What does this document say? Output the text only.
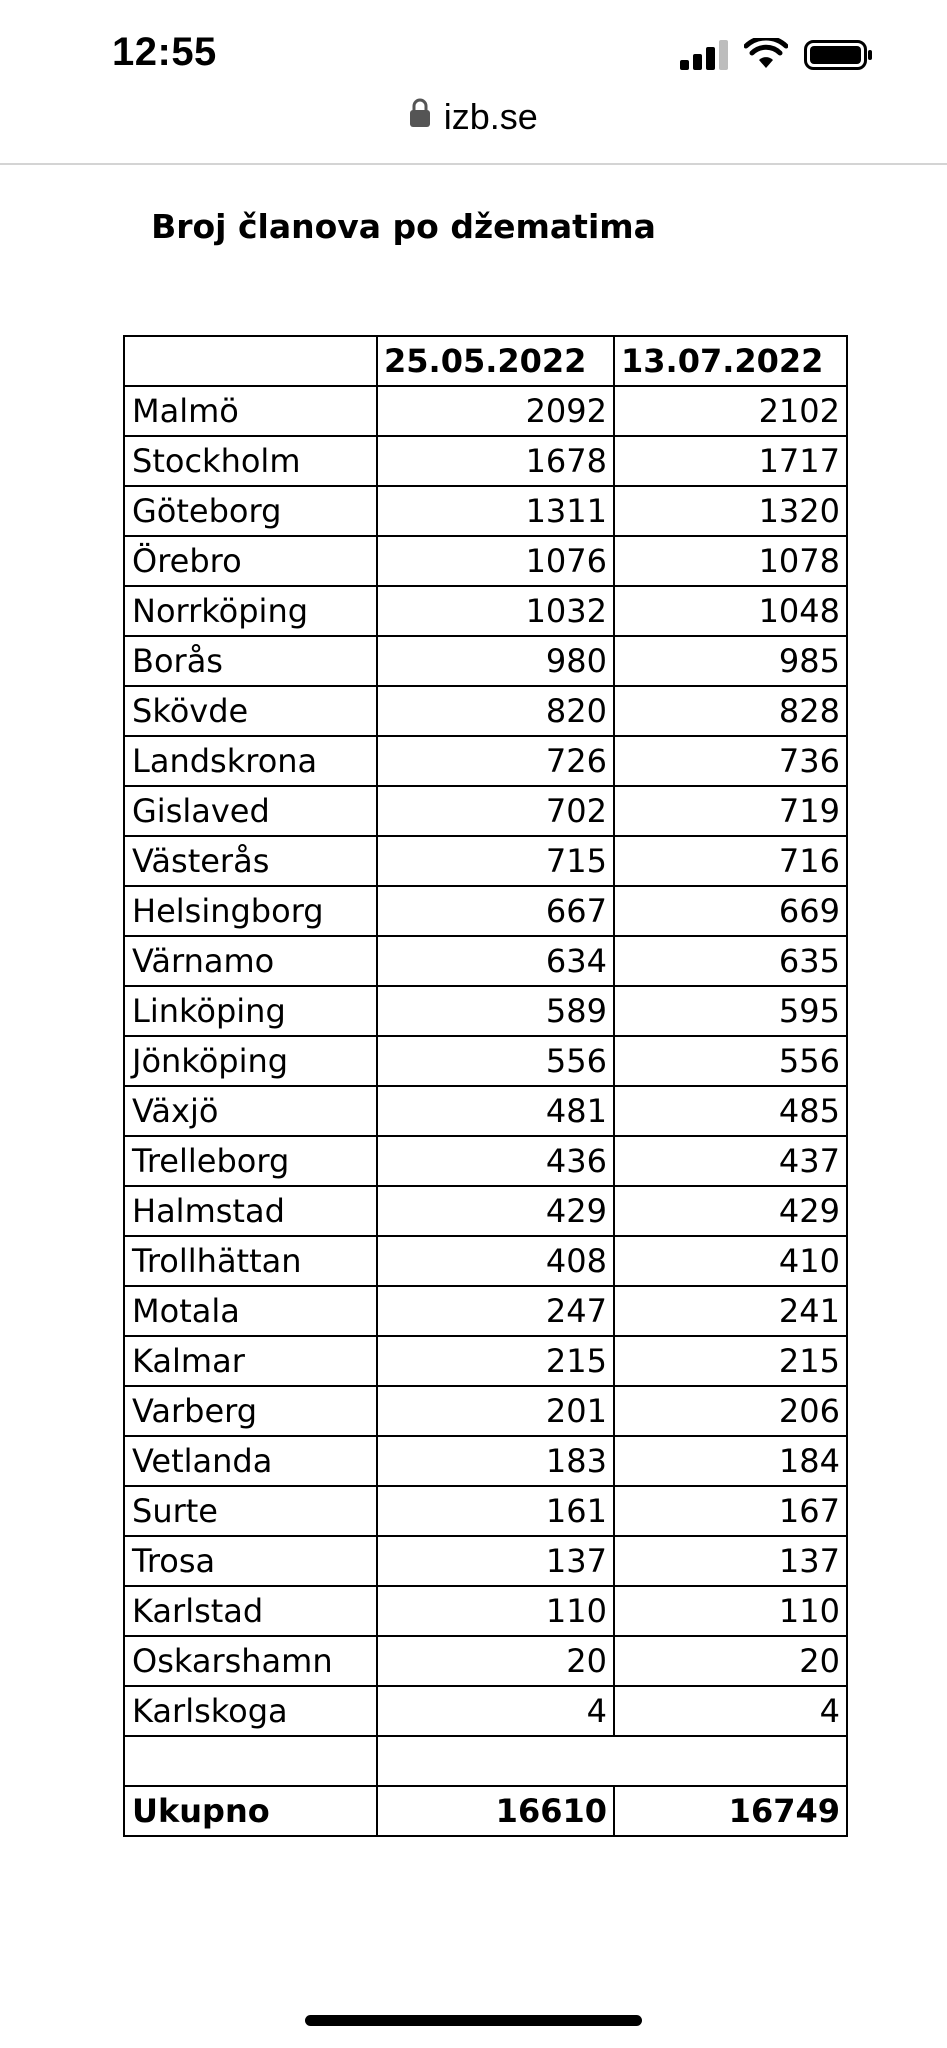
12:55
izb.se
Broj članova po džematima
	25.05.2022	13.07.2022
Malmö	2092	2102
Stockholm	1678	1717
Göteborg	1311	1320
Örebro	1076	1078
Norrköping	1032	1048
Borås	980	985
Skövde	820	828
Landskrona	726	736
Gislaved	702	719
Västerås	715	716
Helsingborg	667	669
Värnamo	634	635
Linköping	589	595
Jönköping	556	556
Växjö	481	485
Trelleborg	436	437
Halmstad	429	429
Trollhättan	408	410
Motala	247	241
Kalmar	215	215
Varberg	201	206
Vetlanda	183	184
Surte	161	167
Trosa	137	137
Karlstad	110	110
Oskarshamn	20	20
Karlskoga	4	4

Ukupno	16610	16749
